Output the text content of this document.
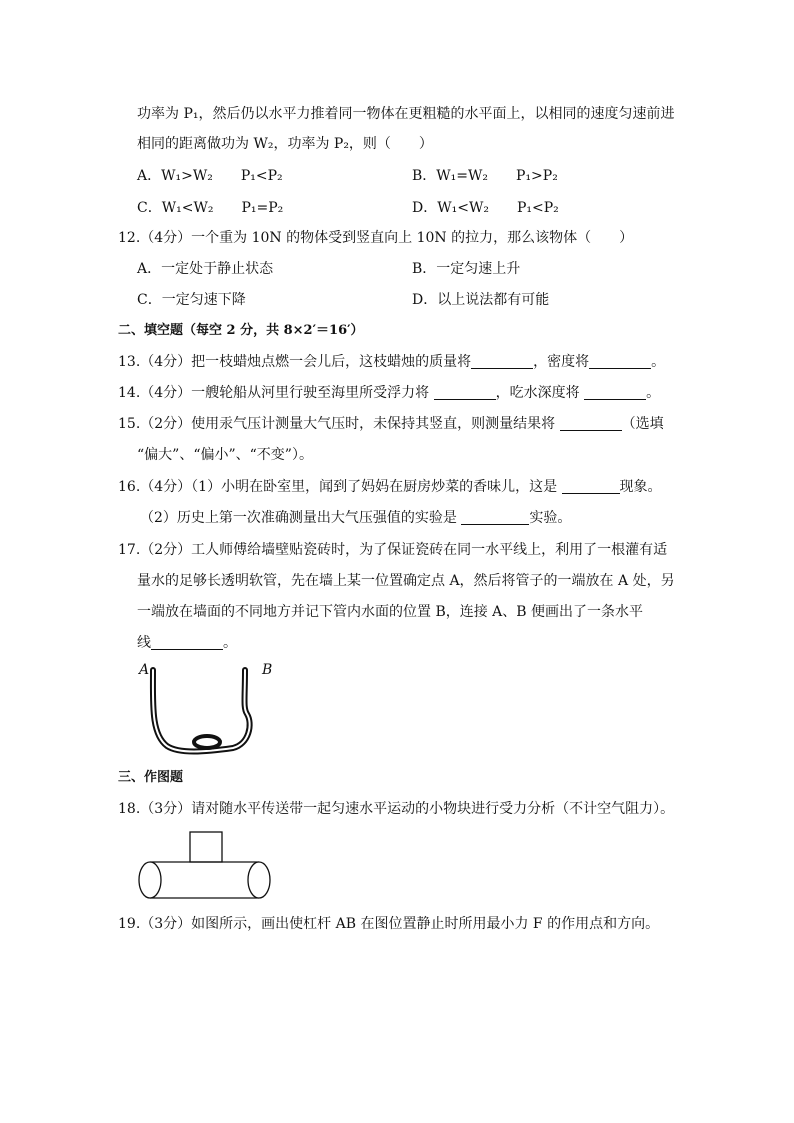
功率为 P₁，然后仍以水平力推着同一物体在更粗糙的水平面上，以相同的速度匀速前进
相同的距离做功为 W₂，功率为 P₂，则（　　）
A．W₁>W₂　　P₁<P₂	B．W₁=W₂　　P₁>P₂
C．W₁<W₂　　P₁=P₂	D．W₁<W₂　　P₁<P₂
12.（4分）一个重为 10N 的物体受到竖直向上 10N 的拉力，那么该物体（　　）
A．一定处于静止状态	B．一定匀速上升
C．一定匀速下降	D．以上说法都有可能
二、填空题（每空 2 分，共 8×2′＝16′）
13.（4分）把一枝蜡烛点燃一会儿后，这枝蜡烛的质量将	，密度将	。
14.（4分）一艘轮船从河里行驶至海里所受浮力将	，吃水深度将	。
15.（2分）使用汞气压计测量大气压时，未保持其竖直，则测量结果将	（选填
“偏大”、“偏小”、“不变”）。
16.（4分）（1）小明在卧室里，闻到了妈妈在厨房炒菜的香味儿，这是	现象。
（2）历史上第一次准确测量出大气压强值的实验是	实验。
17.（2分）工人师傅给墙壁贴瓷砖时，为了保证瓷砖在同一水平线上，利用了一根灌有适
量水的足够长透明软管，先在墙上某一位置确定点 A，然后将管子的一端放在 A 处，另
一端放在墙面的不同地方并记下管内水面的位置 B，连接 A、B 便画出了一条水平
线	。
A	B
三、作图题
18.（3分）请对随水平传送带一起匀速水平运动的小物块进行受力分析（不计空气阻力）。
19.（3分）如图所示，画出使杠杆 AB 在图位置静止时所用最小力 F 的作用点和方向。
